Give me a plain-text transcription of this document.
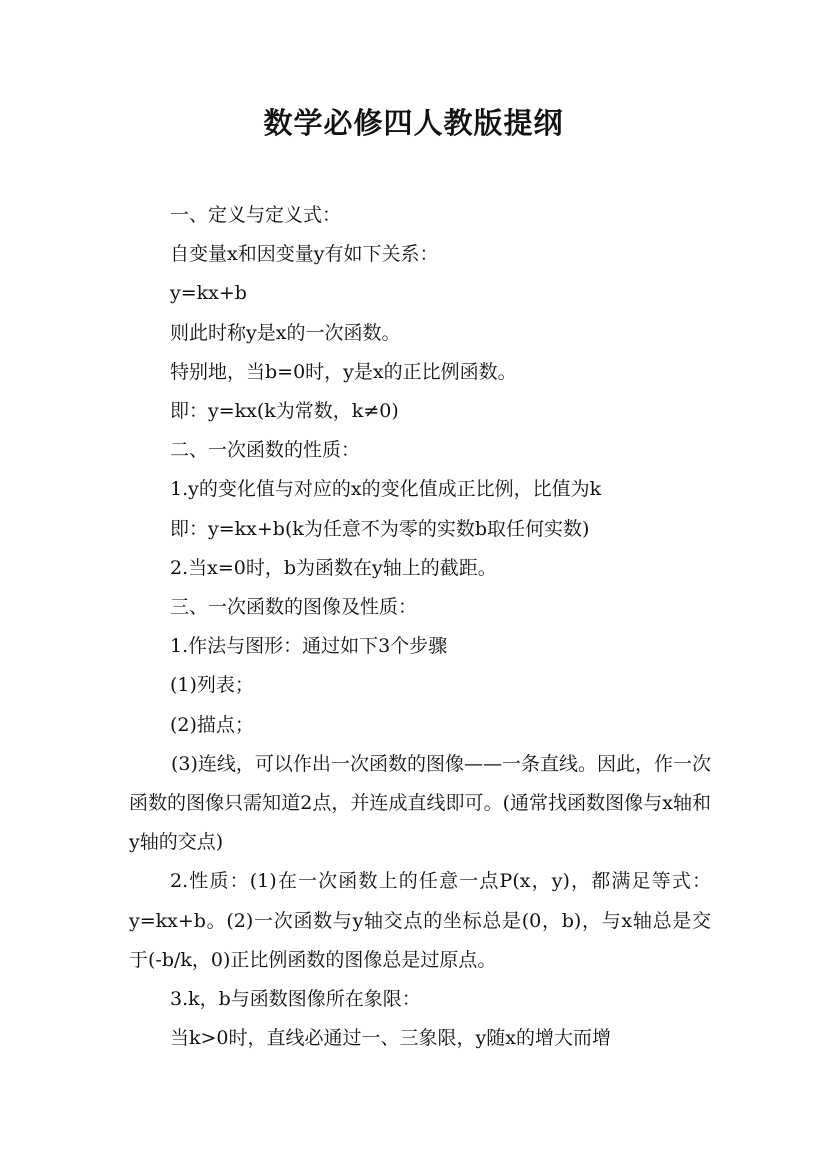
数学必修四人教版提纲

一、定义与定义式：

自变量x和因变量y有如下关系：

y=kx+b

则此时称y是x的一次函数。

特别地，当b=0时，y是x的正比例函数。

即：y=kx(k为常数，k≠0)

二、一次函数的性质：

1.y的变化值与对应的x的变化值成正比例，比值为k

即：y=kx+b(k为任意不为零的实数b取任何实数)

2.当x=0时，b为函数在y轴上的截距。

三、一次函数的图像及性质：

1.作法与图形：通过如下3个步骤

(1)列表；

(2)描点；

(3)连线，可以作出一次函数的图像——一条直线。因此，作一次函数的图像只需知道2点，并连成直线即可。(通常找函数图像与x轴和y轴的交点)

2.性质：(1)在一次函数上的任意一点P(x，y)，都满足等式：y=kx+b。(2)一次函数与y轴交点的坐标总是(0，b)，与x轴总是交于(-b/k，0)正比例函数的图像总是过原点。

3.k，b与函数图像所在象限：

当k>0时，直线必通过一、三象限，y随x的增大而增
